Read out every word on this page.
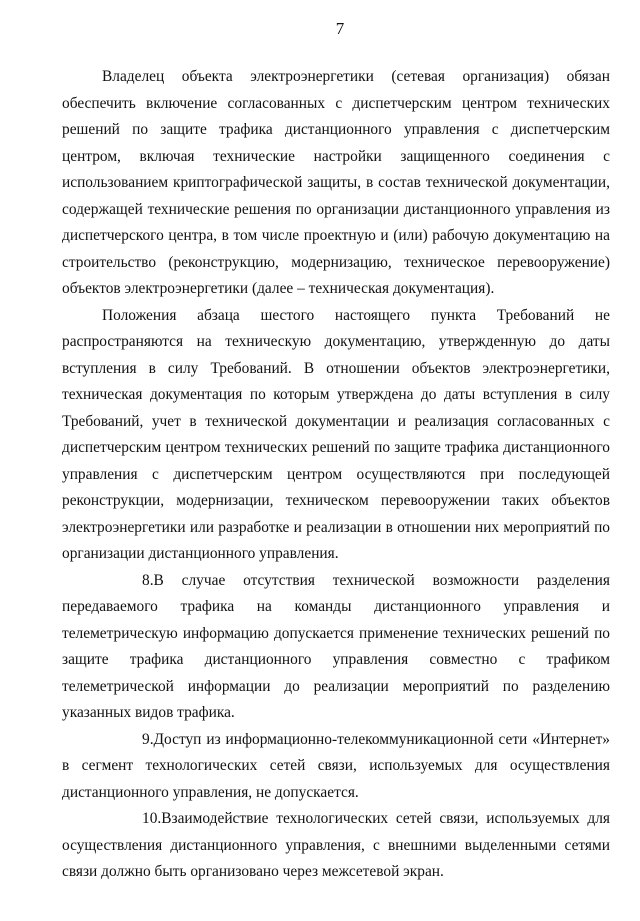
7

Владелец объекта электроэнергетики (сетевая организация) обязан обеспечить включение согласованных с диспетчерским центром технических решений по защите трафика дистанционного управления с диспетчерским центром, включая технические настройки защищенного соединения с использованием криптографической защиты, в состав технической документации, содержащей технические решения по организации дистанционного управления из диспетчерского центра, в том числе проектную и (или) рабочую документацию на строительство (реконструкцию, модернизацию, техническое перевооружение) объектов электроэнергетики (далее – техническая документация).

Положения абзаца шестого настоящего пункта Требований не распространяются на техническую документацию, утвержденную до даты вступления в силу Требований. В отношении объектов электроэнергетики, техническая документация по которым утверждена до даты вступления в силу Требований, учет в технической документации и реализация согласованных с диспетчерским центром технических решений по защите трафика дистанционного управления с диспетчерским центром осуществляются при последующей реконструкции, модернизации, техническом перевооружении таких объектов электроэнергетики или разработке и реализации в отношении них мероприятий по организации дистанционного управления.

8.В случае отсутствия технической возможности разделения передаваемого трафика на команды дистанционного управления и телеметрическую информацию допускается применение технических решений по защите трафика дистанционного управления совместно с трафиком телеметрической информации до реализации мероприятий по разделению указанных видов трафика.

9.Доступ из информационно-телекоммуникационной сети «Интернет» в сегмент технологических сетей связи, используемых для осуществления дистанционного управления, не допускается.

10.Взаимодействие технологических сетей связи, используемых для осуществления дистанционного управления, с внешними выделенными сетями связи должно быть организовано через межсетевой экран.
